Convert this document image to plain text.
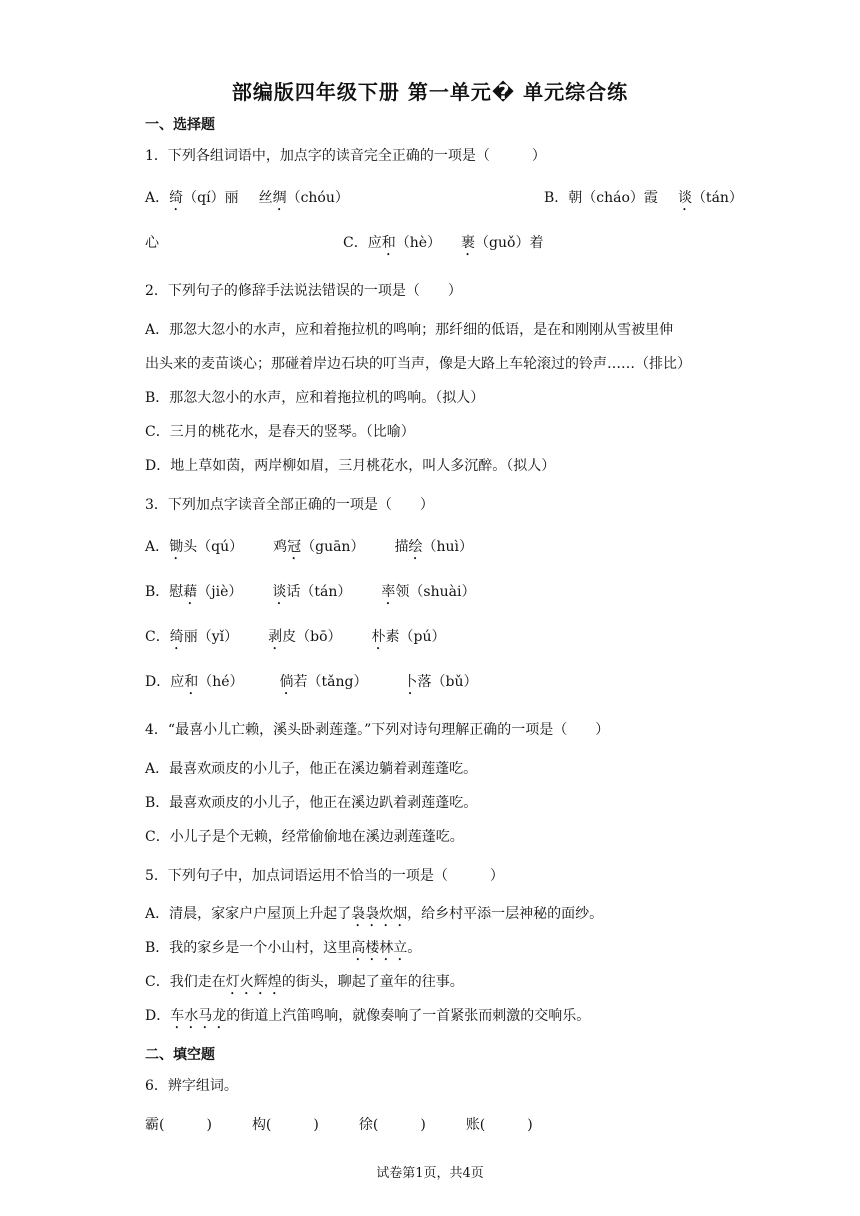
部编版四年级下册 第一单元� 单元综合练
一、选择题
1．下列各组词语中，加点字的读音完全正确的一项是（　　　）
A．绮（qí）丽 丝绸（chóu）	B．朝（cháo）霞 谈（tán）
心	C．应和（hè） 裹（guǒ）着
2．下列句子的修辞手法说法错误的一项是（　　）
A．那忽大忽小的水声，应和着拖拉机的鸣响；那纤细的低语，是在和刚刚从雪被里伸
出头来的麦苗谈心；那碰着岸边石块的叮当声，像是大路上车轮滚过的铃声……（排比）
B．那忽大忽小的水声，应和着拖拉机的鸣响。（拟人）
C．三月的桃花水，是春天的竖琴。（比喻）
D．地上草如茵，两岸柳如眉，三月桃花水，叫人多沉醉。（拟人）
3．下列加点字读音全部正确的一项是（　　）
A．锄头（qú） 鸡冠（guān） 描绘（huì）
B．慰藉（jiè） 谈话（tán） 率领（shuài）
C．绮丽（yǐ） 剥皮（bō） 朴素（pú）
D．应和（hé）	倘若（tǎng）	卜落（bǔ）
4．“最喜小儿亡赖，溪头卧剥莲蓬。”下列对诗句理解正确的一项是（　　）
A．最喜欢顽皮的小儿子，他正在溪边躺着剥莲蓬吃。
B．最喜欢顽皮的小儿子，他正在溪边趴着剥莲蓬吃。
C．小儿子是个无赖，经常偷偷地在溪边剥莲蓬吃。
5．下列句子中，加点词语运用不恰当的一项是（　　　）
A．清晨，家家户户屋顶上升起了袅袅炊烟，给乡村平添一层神秘的面纱。
B．我的家乡是一个小山村，这里高楼林立。
C．我们走在灯火辉煌的街头，聊起了童年的往事。
D．车水马龙的街道上汽笛鸣响，就像奏响了一首紧张而刺激的交响乐。
二、填空题
6．辨字组词。
霸(　　　)	构(　　　)	徐(　　　)	账(　　　)
试卷第1页，共4页
